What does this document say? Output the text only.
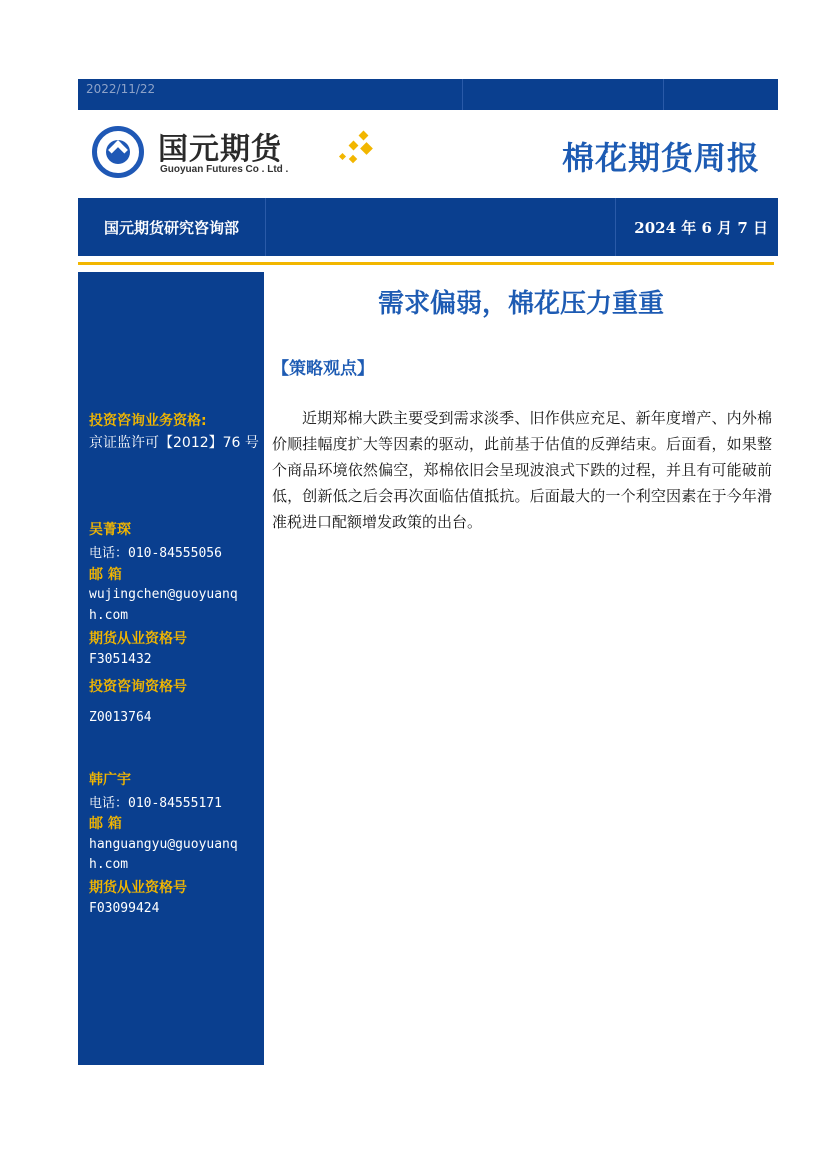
2022/11/22
国元期货
Guoyuan Futures Co . Ltd .	棉花期货周报
国元期货研究咨询部	2024 年 6 月 7 日
投资咨询业务资格:
京证监许可【2012】76 号
吴菁琛
电话：010-84555056
邮 箱
wujingchen@guoyuanq
h.com
期货从业资格号
F3051432
投资咨询资格号
Z0013764
韩广宇
电话：010-84555171
邮 箱
hanguangyu@guoyuanq
h.com
期货从业资格号
F03099424
需求偏弱，棉花压力重重
【策略观点】
近期郑棉大跌主要受到需求淡季、旧作供应充足、新年度增产、内外棉价顺挂幅度扩大等因素的驱动，此前基于估值的反弹结束。后面看，如果整个商品环境依然偏空，郑棉依旧会呈现波浪式下跌的过程，并且有可能破前低，创新低之后会再次面临估值抵抗。后面最大的一个利空因素在于今年滑准税进口配额增发政策的出台。
